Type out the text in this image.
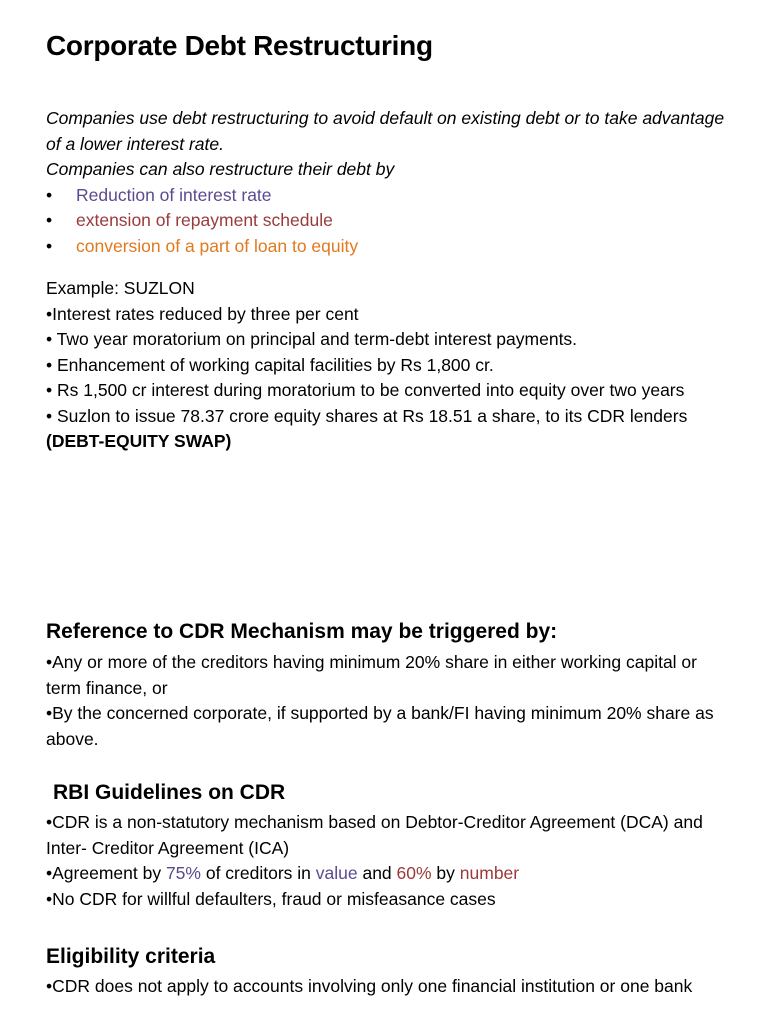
Corporate Debt Restructuring
Companies use debt restructuring to avoid default on existing debt or to take advantage of a lower interest rate.
Companies can also restructure their debt by
• Reduction of interest rate
• extension of repayment schedule
• conversion of a part of loan to equity

Example: SUZLON

•Interest rates reduced by three per cent

• Two year moratorium on principal and term-debt interest payments.

• Enhancement of working capital facilities by Rs 1,800 cr.

• Rs 1,500 cr interest during moratorium to be converted into equity over two years

• Suzlon to issue 78.37 crore equity shares at Rs 18.51 a share, to its CDR lenders (DEBT-EQUITY SWAP)

Reference to CDR Mechanism may be triggered by:

•Any or more of the creditors having minimum 20% share in either working capital or term finance, or

•By the concerned corporate, if supported by a bank/FI having minimum 20% share as above.

RBI Guidelines on CDR

•CDR is a non-statutory mechanism based on Debtor-Creditor Agreement (DCA) and Inter- Creditor Agreement (ICA)

•Agreement by 75% of creditors in value and 60% by number

•No CDR for willful defaulters, fraud or misfeasance cases

Eligibility criteria

•CDR does not apply to accounts involving only one financial institution or one bank
